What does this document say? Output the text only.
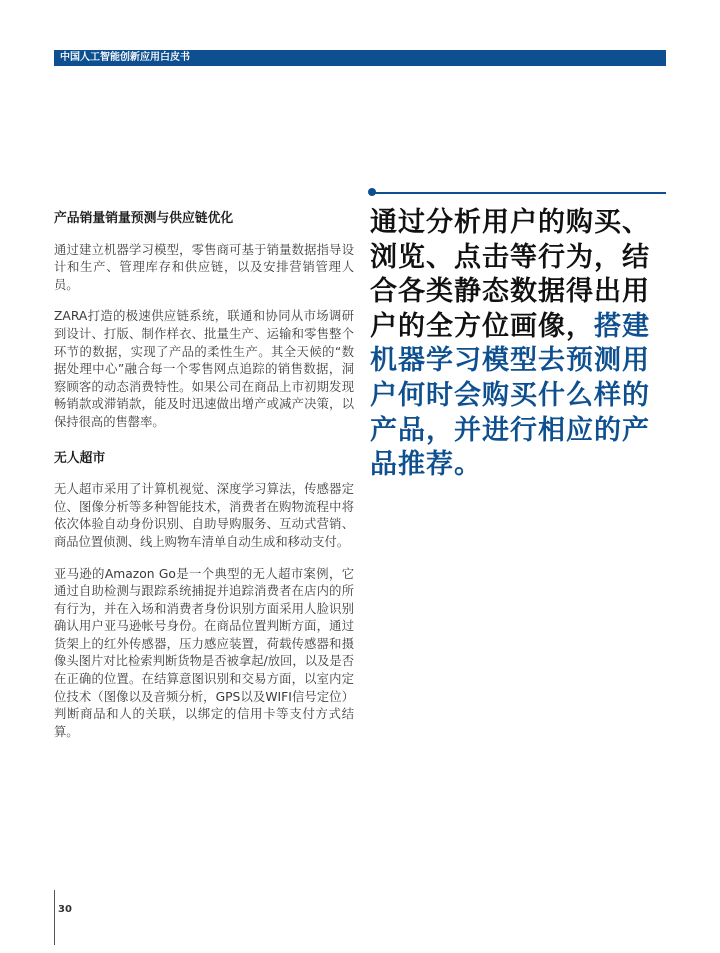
中国人工智能创新应用白皮书
产品销量销量预测与供应链优化

通过建立机器学习模型，零售商可基于销量数据指导设计和生产、管理库存和供应链，以及安排营销管理人员。

ZARA打造的极速供应链系统，联通和协同从市场调研到设计、打版、制作样衣、批量生产、运输和零售整个环节的数据，实现了产品的柔性生产。其全天候的“数据处理中心”融合每一个零售网点追踪的销售数据，洞察顾客的动态消费特性。如果公司在商品上市初期发现畅销款或滞销款，能及时迅速做出增产或减产决策，以保持很高的售罄率。

无人超市

无人超市采用了计算机视觉、深度学习算法，传感器定位、图像分析等多种智能技术，消费者在购物流程中将依次体验自动身份识别、自助导购服务、互动式营销、商品位置侦测、线上购物车清单自动生成和移动支付。

亚马逊的Amazon Go是一个典型的无人超市案例，它通过自助检测与跟踪系统捕捉并追踪消费者在店内的所有行为，并在入场和消费者身份识别方面采用人脸识别确认用户亚马逊帐号身份。在商品位置判断方面，通过货架上的红外传感器，压力感应装置，荷载传感器和摄像头图片对比检索判断货物是否被拿起/放回，以及是否在正确的位置。在结算意图识别和交易方面，以室内定位技术（图像以及音频分析，GPS以及WIFI信号定位）判断商品和人的关联，以绑定的信用卡等支付方式结算。

通过分析用户的购买、浏览、点击等行为，结合各类静态数据得出用户的全方位画像，搭建机器学习模型去预测用户何时会购买什么样的产品，并进行相应的产品推荐。
30
